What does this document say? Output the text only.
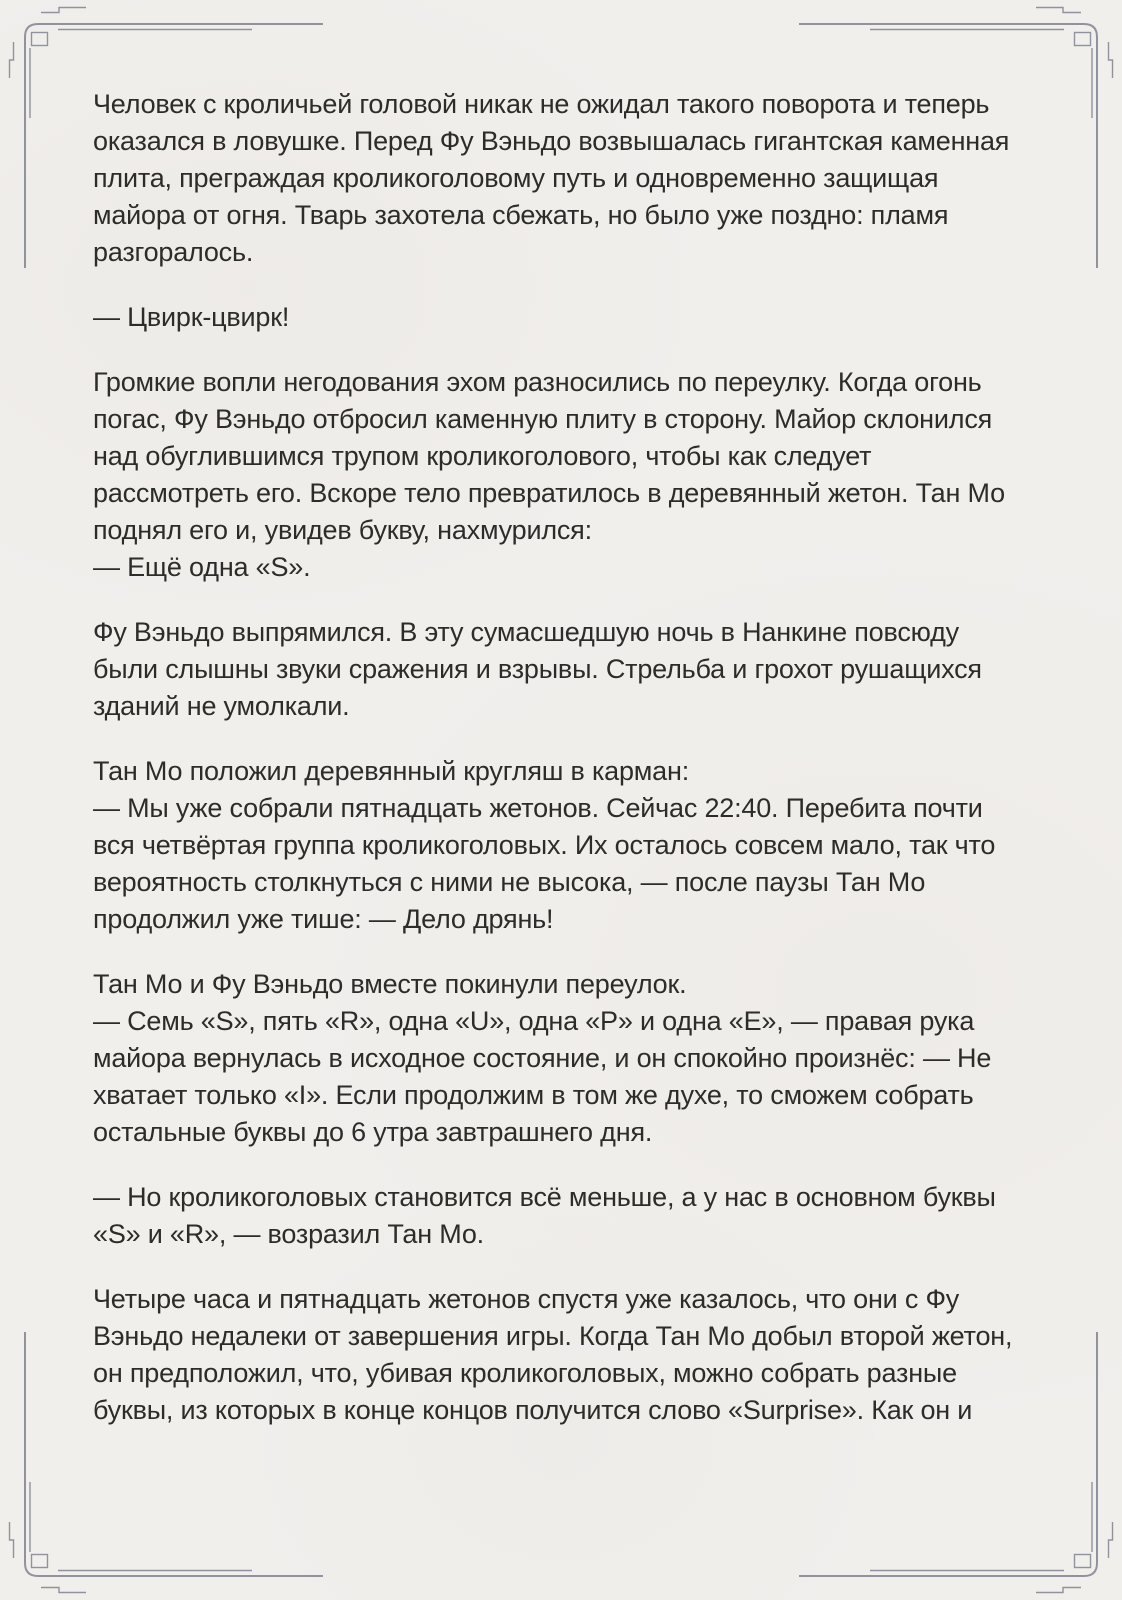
Человек с кроличьей головой никак не ожидал такого поворота и теперь оказался в ловушке. Перед Фу Вэньдо возвышалась гигантская каменная плита, преграждая кроликоголовому путь и одновременно защищая майора от огня. Тварь захотела сбежать, но было уже поздно: пламя разгоралось.

— Цвирк-цвирк!

Громкие вопли негодования эхом разносились по переулку. Когда огонь погас, Фу Вэньдо отбросил каменную плиту в сторону. Майор склонился над обуглившимся трупом кроликоголового, чтобы как следует рассмотреть его. Вскоре тело превратилось в деревянный жетон. Тан Мо поднял его и, увидев букву, нахмурился:

— Ещё одна «S».

Фу Вэньдо выпрямился. В эту сумасшедшую ночь в Нанкине повсюду были слышны звуки сражения и взрывы. Стрельба и грохот рушащихся зданий не умолкали.

Тан Мо положил деревянный кругляш в карман:

— Мы уже собрали пятнадцать жетонов. Сейчас 22:40. Перебита почти вся четвёртая группа кроликоголовых. Их осталось совсем мало, так что вероятность столкнуться с ними не высока, — после паузы Тан Мо продолжил уже тише: — Дело дрянь!

Тан Мо и Фу Вэньдо вместе покинули переулок.

— Семь «S», пять «R», одна «U», одна «P» и одна «E», — правая рука майора вернулась в исходное состояние, и он спокойно произнёс: — Не хватает только «I». Если продолжим в том же духе, то сможем собрать остальные буквы до 6 утра завтрашнего дня.

— Но кроликоголовых становится всё меньше, а у нас в основном буквы «S» и «R», — возразил Тан Мо.

Четыре часа и пятнадцать жетонов спустя уже казалось, что они с Фу Вэньдо недалеки от завершения игры. Когда Тан Мо добыл второй жетон, он предположил, что, убивая кроликоголовых, можно собрать разные буквы, из которых в конце концов получится слово «Surprise». Как он и
